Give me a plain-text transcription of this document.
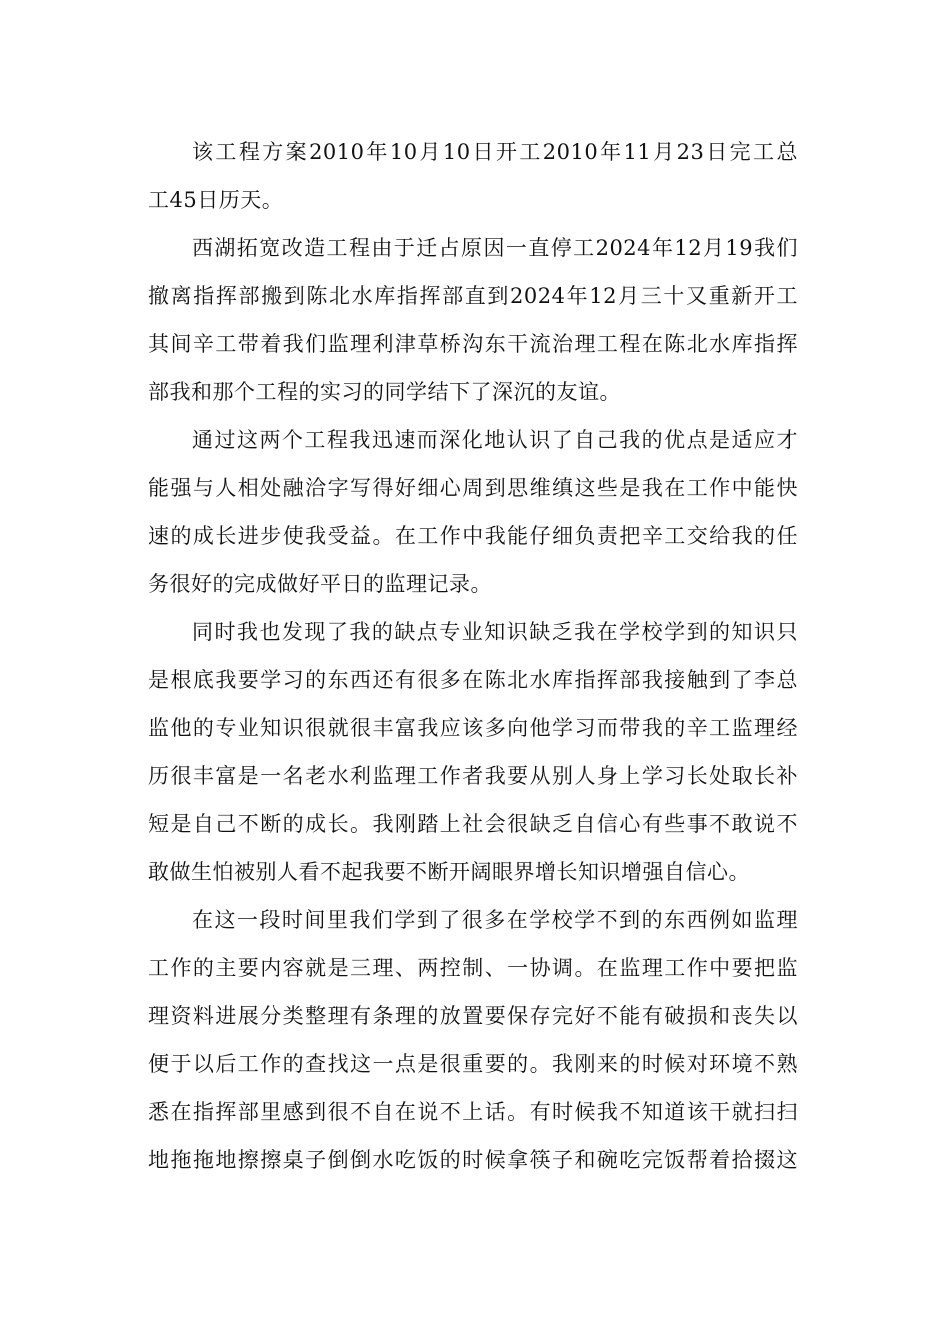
该工程方案2010年10月10日开工2010年11月23日完工总
工45日历天。
西湖拓宽改造工程由于迁占原因一直停工2024年12月19我们
撤离指挥部搬到陈北水库指挥部直到2024年12月三十又重新开工
其间辛工带着我们监理利津草桥沟东干流治理工程在陈北水库指挥
部我和那个工程的实习的同学结下了深沉的友谊。
通过这两个工程我迅速而深化地认识了自己我的优点是适应才
能强与人相处融洽字写得好细心周到思维缜这些是我在工作中能快
速的成长进步使我受益。在工作中我能仔细负责把辛工交给我的任
务很好的完成做好平日的监理记录。
同时我也发现了我的缺点专业知识缺乏我在学校学到的知识只
是根底我要学习的东西还有很多在陈北水库指挥部我接触到了李总
监他的专业知识很就很丰富我应该多向他学习而带我的辛工监理经
历很丰富是一名老水利监理工作者我要从别人身上学习长处取长补
短是自己不断的成长。我刚踏上社会很缺乏自信心有些事不敢说不
敢做生怕被别人看不起我要不断开阔眼界增长知识增强自信心。
在这一段时间里我们学到了很多在学校学不到的东西例如监理
工作的主要内容就是三理、两控制、一协调。在监理工作中要把监
理资料进展分类整理有条理的放置要保存完好不能有破损和丧失以
便于以后工作的查找这一点是很重要的。我刚来的时候对环境不熟
悉在指挥部里感到很不自在说不上话。有时候我不知道该干就扫扫
地拖拖地擦擦桌子倒倒水吃饭的时候拿筷子和碗吃完饭帮着拾掇这
